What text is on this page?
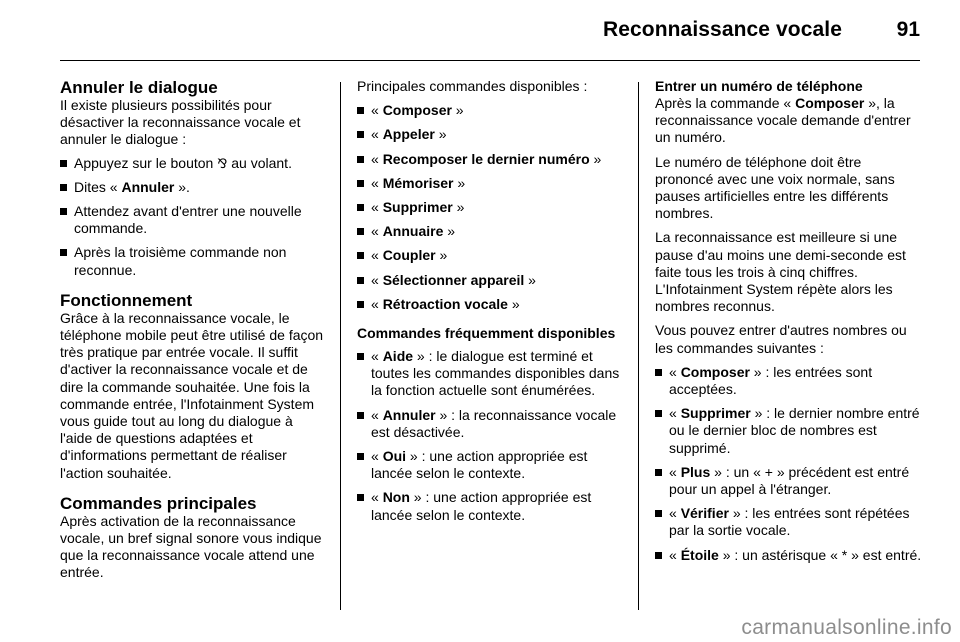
Reconnaissance vocale	91
Annuler le dialogue

Il existe plusieurs possibilités pour désactiver la reconnaissance vocale et annuler le dialogue :

Appuyez sur le bouton ⅋ au volant.
Dites « Annuler ».
Attendez avant d'entrer une nouvelle commande.
Après la troisième commande non reconnue.
Fonctionnement

Grâce à la reconnaissance vocale, le téléphone mobile peut être utilisé de façon très pratique par entrée vocale. Il suffit d'activer la reconnaissance vocale et de dire la commande souhaitée. Une fois la commande entrée, l'Infotainment System vous guide tout au long du dialogue à l'aide de questions adaptées et d'informations permettant de réaliser l'action souhaitée.

Commandes principales

Après activation de la reconnaissance vocale, un bref signal sonore vous indique que la reconnaissance vocale attend une entrée.

Principales commandes disponibles :

« Composer »
« Appeler »
« Recomposer le dernier numéro »
« Mémoriser »
« Supprimer »
« Annuaire »
« Coupler »
« Sélectionner appareil »
« Rétroaction vocale »
Commandes fréquemment disponibles
« Aide » : le dialogue est terminé et toutes les commandes disponibles dans la fonction actuelle sont énumérées.
« Annuler » : la reconnaissance vocale est désactivée.
« Oui » : une action appropriée est lancée selon le contexte.
« Non » : une action appropriée est lancée selon le contexte.
Entrer un numéro de téléphone

Après la commande « Composer », la reconnaissance vocale demande d'entrer un numéro.

Le numéro de téléphone doit être prononcé avec une voix normale, sans pauses artificielles entre les différents nombres.

La reconnaissance est meilleure si une pause d'au moins une demi-seconde est faite tous les trois à cinq chiffres. L'Infotainment System répète alors les nombres reconnus.

Vous pouvez entrer d'autres nombres ou les commandes suivantes :

« Composer » : les entrées sont acceptées.
« Supprimer » : le dernier nombre entré ou le dernier bloc de nombres est supprimé.
« Plus » : un « + » précédent est entré pour un appel à l'étranger.
« Vérifier » : les entrées sont répétées par la sortie vocale.
« Étoile » : un astérisque « * » est entré.
carmanualsonline.info
